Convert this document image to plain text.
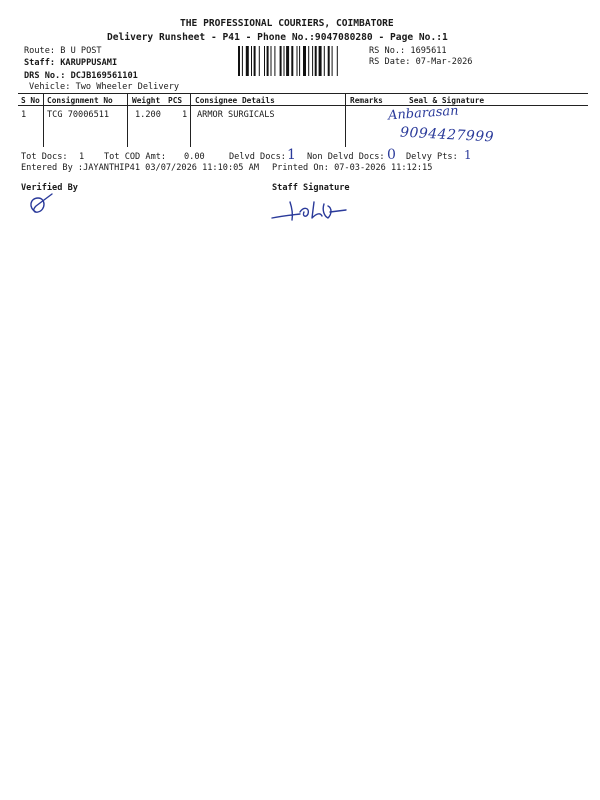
THE PROFESSIONAL COURIERS, COIMBATORE
Delivery Runsheet - P41 - Phone No.:9047080280 - Page No.:1
Route: B U POST
Staff: KARUPPUSAMI
DRS No.: DCJB169561101
Vehicle: Two Wheeler Delivery
RS No.: 1695611
RS Date: 07-Mar-2026
S No Consignment No Weight PCS Consignee Details	Remarks	Seal & Signature
1 TCG 70006511	1.200 1 ARMOR SURGICALS	Anbarasan
9094427999
Tot Docs: 1 Tot COD Amt: 0.00	Delvd Docs: 1 Non Delvd Docs: 0 Delvy Pts: 1
Entered By :JAYANTHIP41 03/07/2026 11:10:05 AM Printed On: 07-03-2026 11:12:15
Verified By	Staff Signature
